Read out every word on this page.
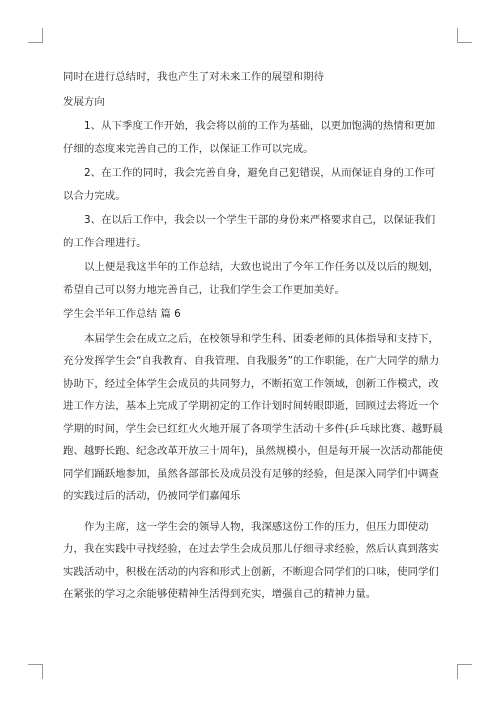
同时在进行总结时，我也产生了对未来工作的展望和期待

发展方向

1、从下季度工作开始，我会将以前的工作为基础，以更加饱满的热情和更加仔细的态度来完善自己的工作，以保证工作可以完成。

2、在工作的同时，我会完善自身，避免自己犯错误，从而保证自身的工作可以合力完成。

3、在以后工作中，我会以一个学生干部的身份来严格要求自己，以保证我们的工作合理进行。

以上便是我这半年的工作总结，大致也说出了今年工作任务以及以后的规划，希望自己可以努力地完善自己，让我们学生会工作更加美好。

学生会半年工作总结 篇 6

本届学生会在成立之后，在校领导和学生科、团委老师的具体指导和支持下，充分发挥学生会“自我教育、自我管理、自我服务”的工作职能，在广大同学的鼎力协助下，经过全体学生会成员的共同努力，不断拓宽工作领域，创新工作模式，改进工作方法，基本上完成了学期初定的工作计划时间转眼即逝，回顾过去将近一个学期的时间，学生会已红红火火地开展了各项学生活动十多件(乒乓球比赛、越野晨跑、越野长跑、纪念改革开放三十周年)，虽然规模小，但是每开展一次活动都能使同学们踊跃地参加，虽然各部部长及成员没有足够的经验，但是深入同学们中调查的实践过后的活动，仍被同学们嘉闻乐

作为主席，这一学生会的领导人物，我深感这份工作的压力，但压力即使动力，我在实践中寻找经验，在过去学生会成员那儿仔细寻求经验，然后认真到落实实践活动中，积极在活动的内容和形式上创新，不断迎合同学们的口味，使同学们在紧张的学习之余能够使精神生活得到充实，增强自己的精神力量。
